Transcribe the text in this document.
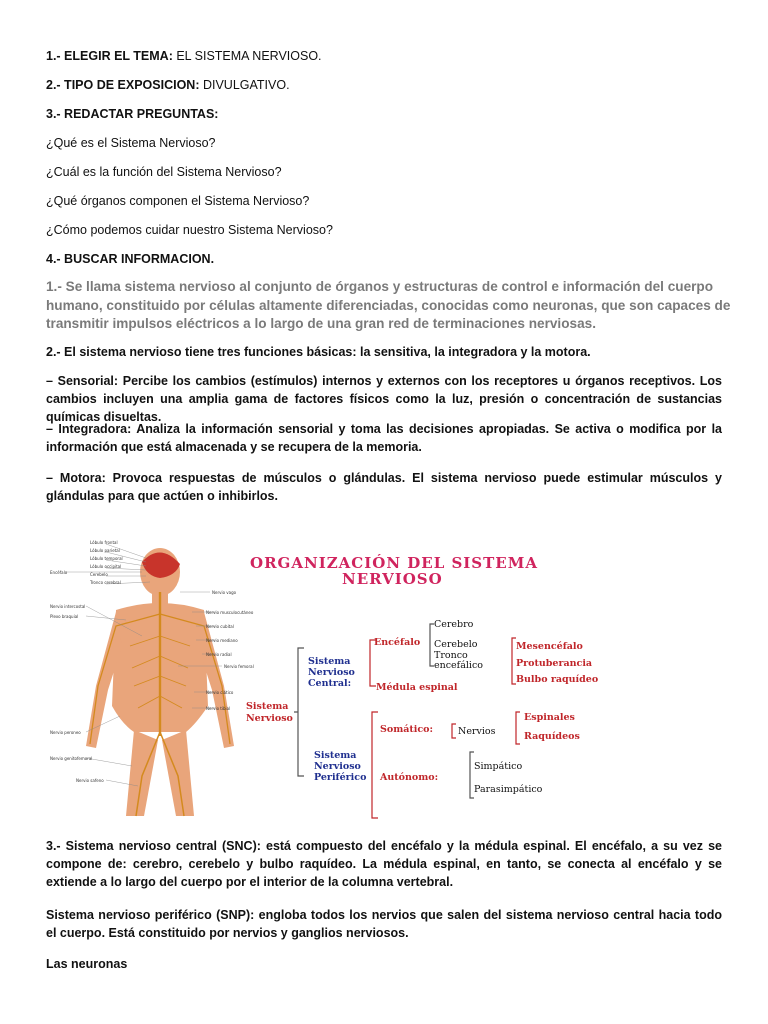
1.- ELEGIR EL TEMA: EL SISTEMA NERVIOSO.
2.- TIPO DE EXPOSICION: DIVULGATIVO.
3.- REDACTAR PREGUNTAS:
¿Qué es el Sistema Nervioso?
¿Cuál es la función del Sistema Nervioso?
¿Qué órganos componen el Sistema Nervioso?
¿Cómo podemos cuidar nuestro Sistema Nervioso?
4.- BUSCAR INFORMACION.
1.- Se llama sistema nervioso al conjunto de órganos y estructuras de control e información del cuerpo humano, constituido por células altamente diferenciadas, conocidas como neuronas, que son capaces de transmitir impulsos eléctricos a lo largo de una gran red de terminaciones nerviosas.
2.- El sistema nervioso tiene tres funciones básicas: la sensitiva, la integradora y la motora.
– Sensorial: Percibe los cambios (estímulos) internos y externos con los receptores u órganos receptivos. Los cambios incluyen una amplia gama de factores físicos como la luz, presión o concentración de sustancias químicas disueltas.
– Integradora: Analiza la información sensorial y toma las decisiones apropiadas. Se activa o modifica por la información que está almacenada y se recupera de la memoria.
– Motora: Provoca respuestas de músculos o glándulas. El sistema nervioso puede estimular músculos y glándulas para que actúen o inhibirlos.
Lóbulo frontal
Lóbulo parietal
Lóbulo temporal
Lóbulo occipital
Cerebelo
Tronco cerebral
Encéfalo
Nervio intercostal
Plexo braquial
Nervio peroneo
Nervio genitofemoral
Nervio safeno
Nervio vago
Nervio musculocutáneo
Nervio cubital
Nervio mediano
Nervio radial
Nervio femoral
Nervio ciático
Nervio tibial
ORGANIZACIÓN DEL SISTEMA
NERVIOSO
Sistema
Nervioso
Sistema
Nervioso
Central:
Encéfalo
Médula espinal
Cerebro
Cerebelo
Tronco
encefálico
Mesencéfalo
Protuberancia
Bulbo raquídeo
Sistema
Nervioso
Periférico
Somático:	Nervios
Espinales
Raquídeos
Autónomo:
Simpático
Parasimpático
3.- Sistema nervioso central (SNC): está compuesto del encéfalo y la médula espinal. El encéfalo, a su vez se compone de: cerebro, cerebelo y bulbo raquídeo. La médula espinal, en tanto, se conecta al encéfalo y se extiende a lo largo del cuerpo por el interior de la columna vertebral.
Sistema nervioso periférico (SNP): engloba todos los nervios que salen del sistema nervioso central hacia todo el cuerpo. Está constituido por nervios y ganglios nerviosos.
Las neuronas
